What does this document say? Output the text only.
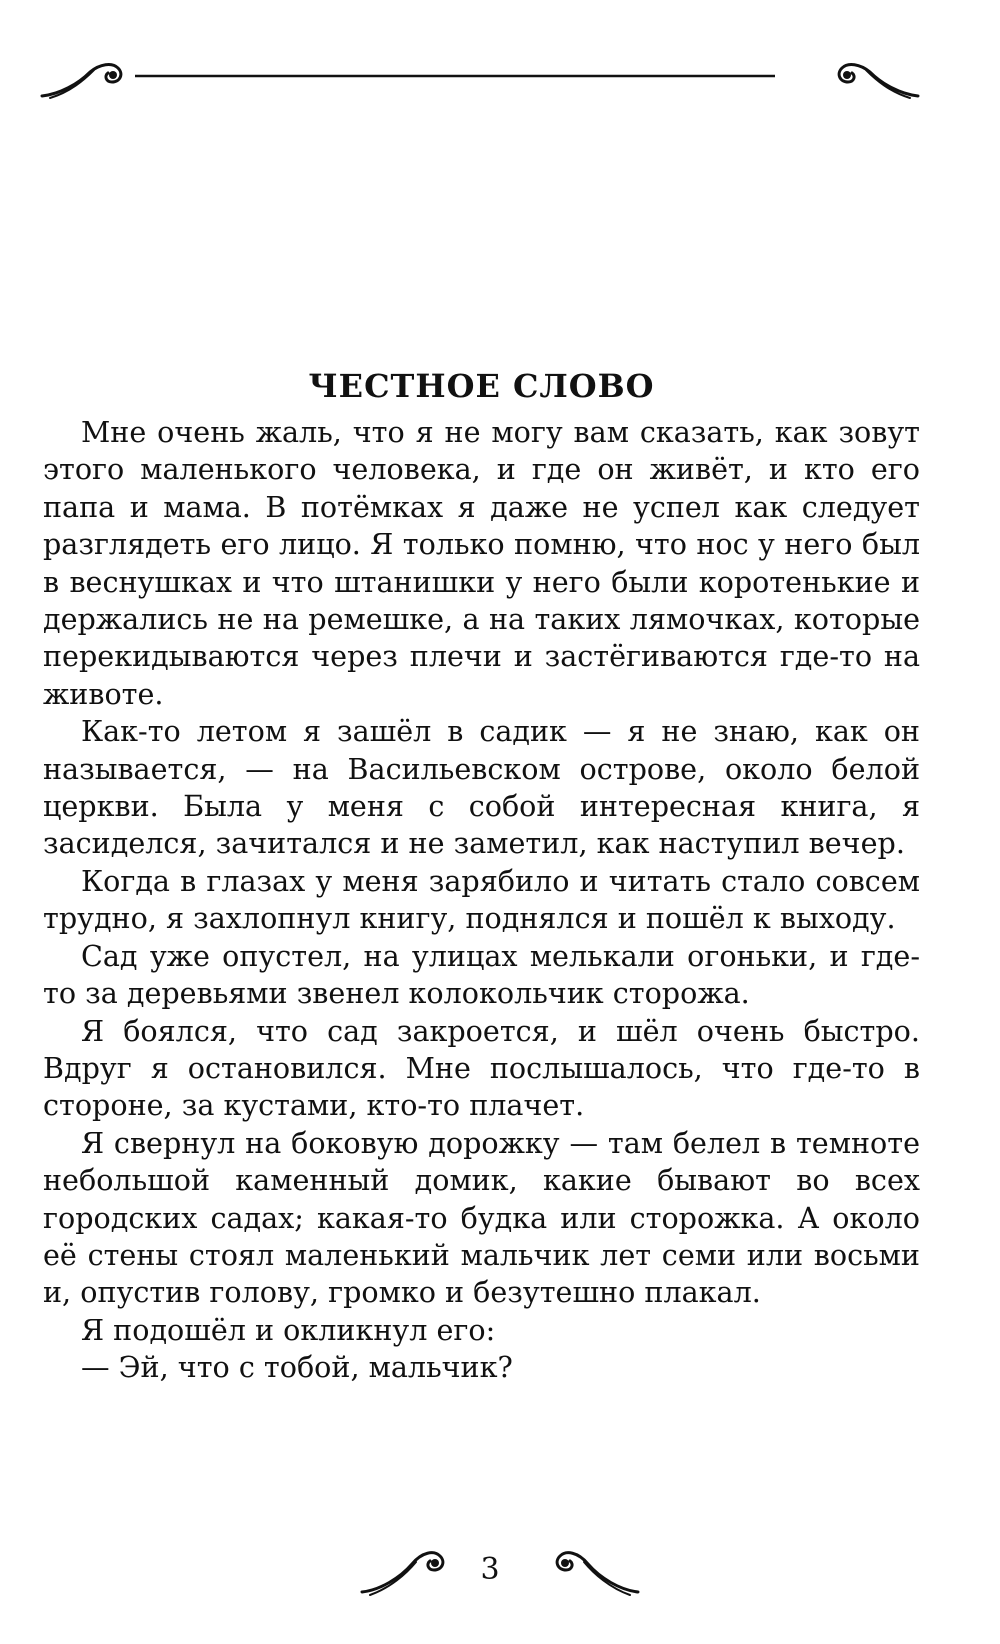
ЧЕСТНОЕ СЛОВО

Мне очень жаль, что я не могу вам сказать, как зовут этого маленького человека, и где он живёт, и кто его папа и мама. В потёмках я даже не успел как следует разглядеть его лицо. Я только помню, что нос у него был в веснушках и что штанишки у него были коротенькие и держались не на ремешке, а на таких лямочках, которые перекидываются через плечи и застёгиваются где-то на животе.

Как-то летом я зашёл в садик — я не знаю, как он называется, — на Васильевском острове, около белой церкви. Была у меня с собой интересная книга, я засиделся, зачитался и не заметил, как наступил вечер.

Когда в глазах у меня зарябило и читать стало совсем трудно, я захлопнул книгу, поднялся и пошёл к выходу.

Сад уже опустел, на улицах мелькали огоньки, и где-то за деревьями звенел колокольчик сторожа.

Я боялся, что сад закроется, и шёл очень быстро. Вдруг я остановился. Мне послышалось, что где-то в стороне, за кустами, кто-то плачет.

Я свернул на боковую дорожку — там белел в темноте небольшой каменный домик, какие бывают во всех городских садах; какая-то будка или сторожка. А около её стены стоял маленький мальчик лет семи или восьми и, опустив голову, громко и безутешно плакал.

Я подошёл и окликнул его:

— Эй, что с тобой, мальчик?

3
